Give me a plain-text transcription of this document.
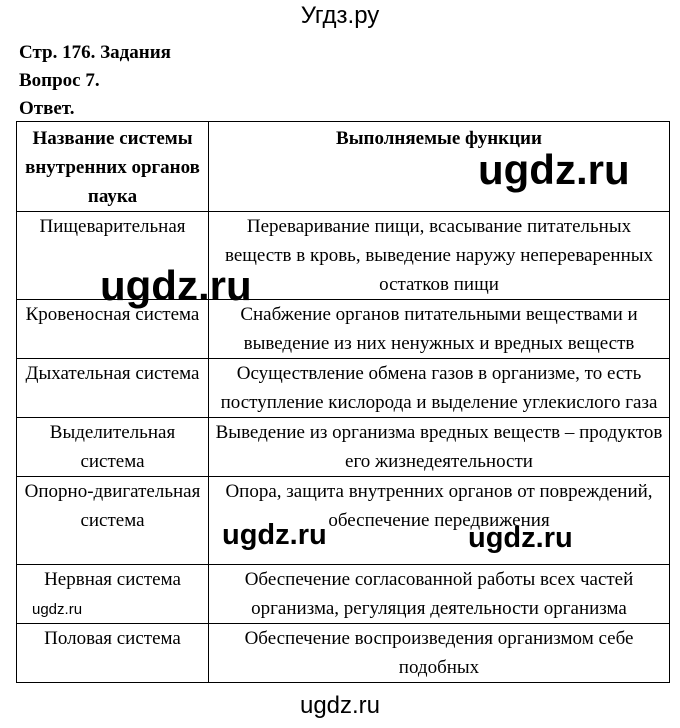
Угдз.ру
Стр. 176. Задания
Вопрос 7.
Ответ.
Название системы внутренних органов паука	Выполняемые функции
Пищеварительная	Переваривание пищи, всасывание питательных веществ в кровь, выведение наружу непереваренных остатков пищи
Кровеносная система	Снабжение органов питательными веществами и выведение из них ненужных и вредных веществ
Дыхательная система	Осуществление обмена газов в организме, то есть поступление кислорода и выделение углекислого газа
Выделительная система	Выведение из организма вредных веществ – продуктов его жизнедеятельности
Опорно-двигательная система	Опора, защита внутренних органов от повреждений, обеспечение передвижения
Нервная система	Обеспечение согласованной работы всех частей организма, регуляция деятельности организма
Половая система	Обеспечение воспроизведения организмом себе подобных
ugdz.ru
ugdz.ru
ugdz.ru	ugdz.ru
ugdz.ru
ugdz.ru
